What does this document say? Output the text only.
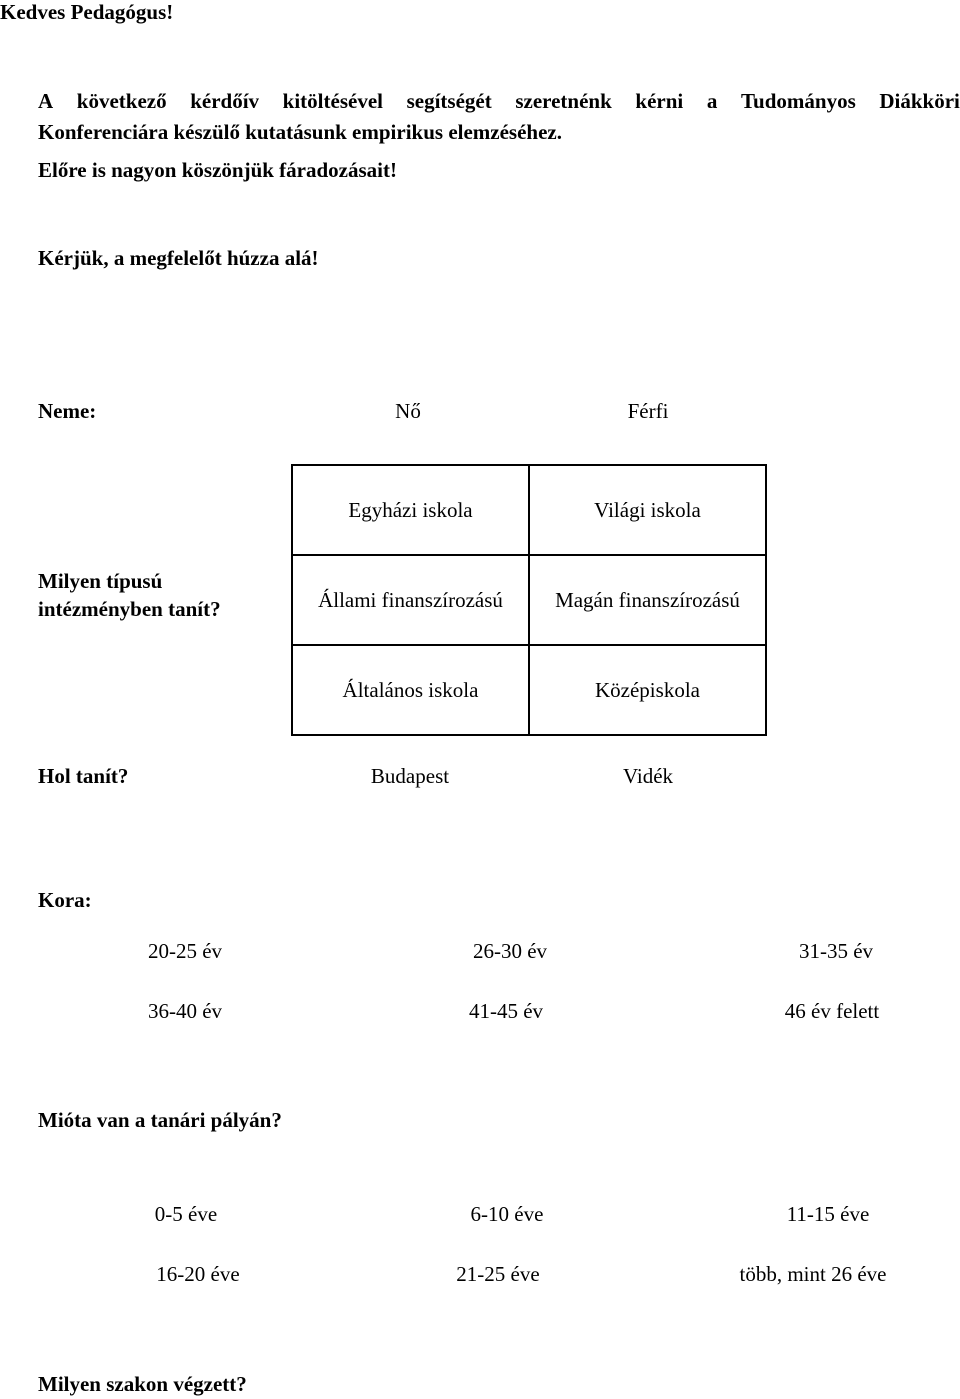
Kedves Pedagógus!
A következő kérdőív kitöltésével segítségét szeretnénk kérni a Tudományos Diákköri
Konferenciára készülő kutatásunk empirikus elemzéséhez.
Előre is nagyon köszönjük fáradozásait!
Kérjük, a megfelelőt húzza alá!
Neme:	Nő	Férfi
Milyen típusú intézményben tanít?
Egyházi iskola	Világi iskola
Állami finanszírozású	Magán finanszírozású
Általános iskola	Középiskola
Hol tanít?	Budapest	Vidék
Kora:
20-25 év	26-30 év	31-35 év
36-40 év	41-45 év	46 év felett
Mióta van a tanári pályán?
0-5 éve	6-10 éve	11-15 éve
16-20 éve	21-25 éve	több, mint 26 éve
Milyen szakon végzett?
